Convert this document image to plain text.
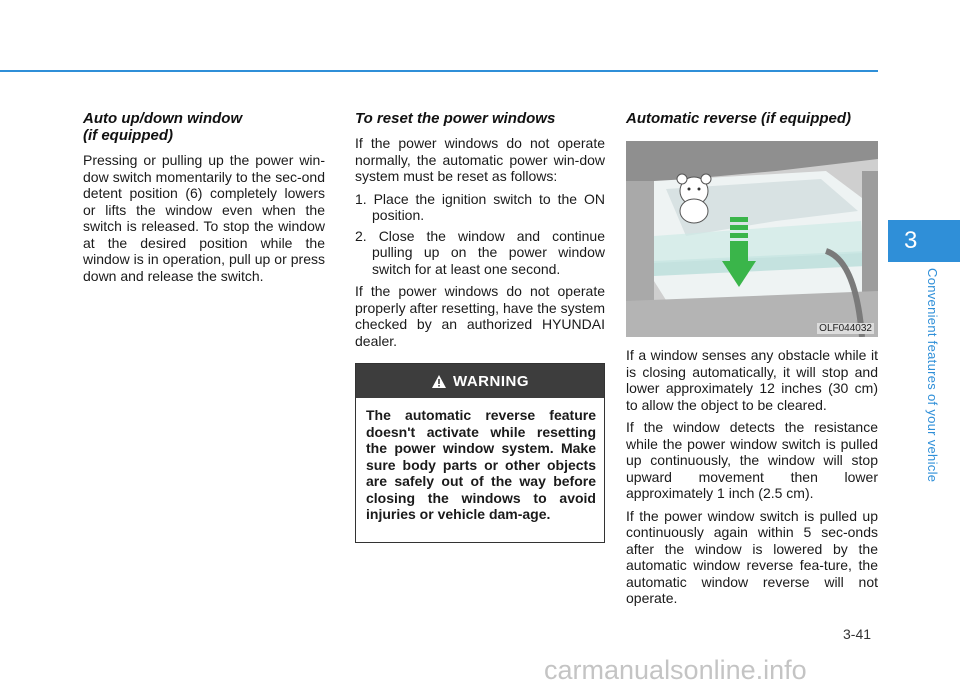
Auto up/down window
(if equipped)

Pressing or pulling up the power win-dow switch momentarily to the sec-ond detent position (6) completely lowers or lifts the window even when the switch is released. To stop the window at the desired position while the window is in operation, pull up or press down and release the switch.

To reset the power windows

If the power windows do not operate normally, the automatic power win-dow system must be reset as follows:

1. Place the ignition switch to the ON position.
2. Close the window and continue pulling up on the power window switch for at least one second.

If the power windows do not operate properly after resetting, have the system checked by an authorized HYUNDAI dealer.

WARNING
The automatic reverse feature doesn't activate while resetting the power window system. Make sure body parts or other objects are safely out of the way before closing the windows to avoid injuries or vehicle dam-age.
Automatic reverse (if equipped)
OLF044032

If a window senses any obstacle while it is closing automatically, it will stop and lower approximately 12 inches (30 cm) to allow the object to be cleared.

If the window detects the resistance while the power window switch is pulled up continuously, the window will stop upward movement then lower approximately 1 inch (2.5 cm).

If the power window switch is pulled up continuously again within 5 sec-onds after the window is lowered by the automatic window reverse fea-ture, the automatic window reverse will not operate.

3
Convenient features of your vehicle
3-41
carmanualsonline.info
